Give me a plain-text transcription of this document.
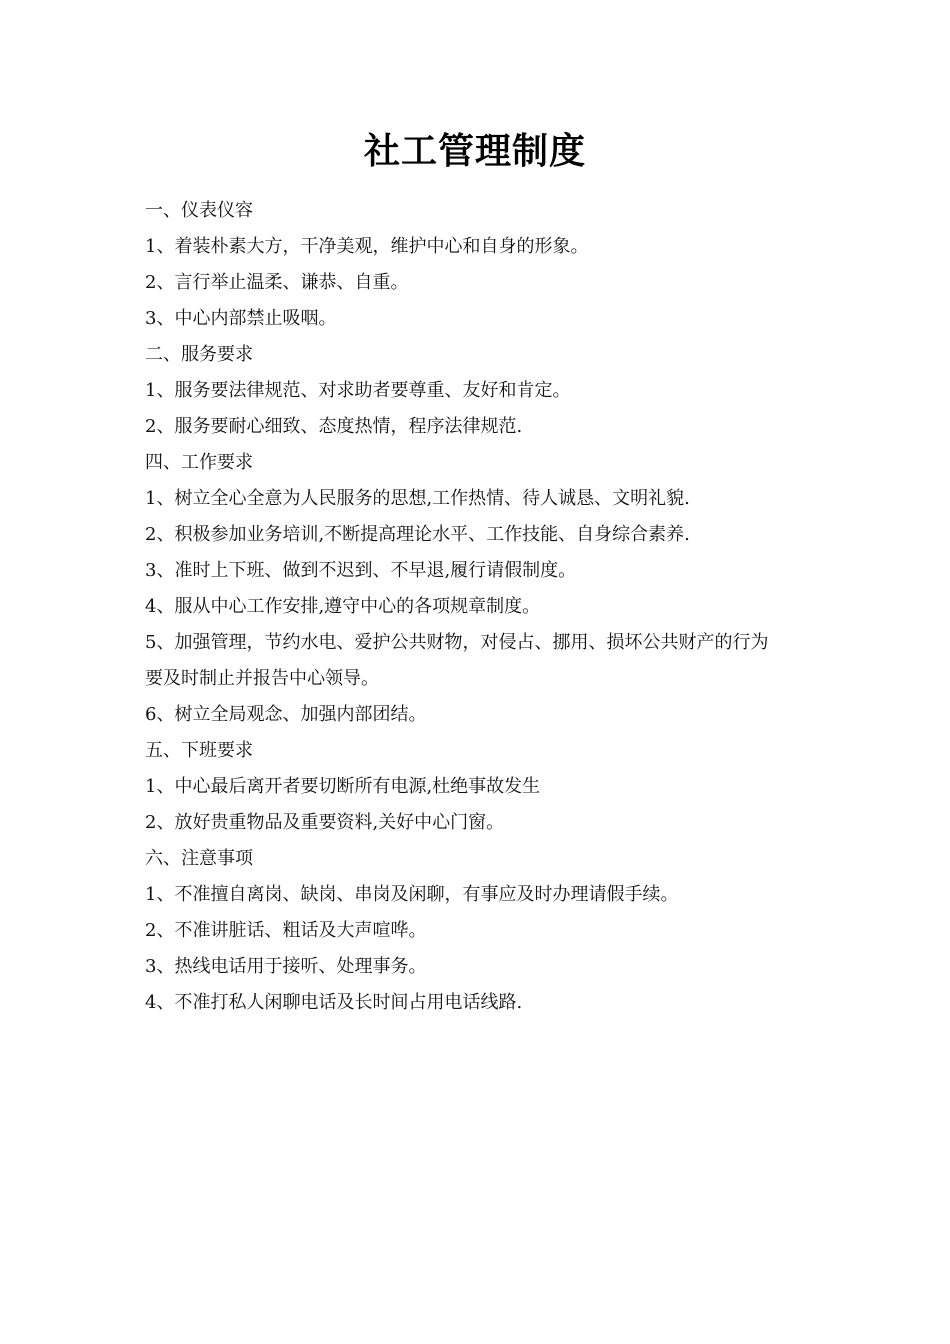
社工管理制度
一、仪表仪容
1、着装朴素大方，干净美观，维护中心和自身的形象。
2、言行举止温柔、谦恭、自重。
3、中心内部禁止吸咽。
二、服务要求
1、服务要法律规范、对求助者要尊重、友好和肯定。
2、服务要耐心细致、态度热情，程序法律规范.
四、工作要求
1、树立全心全意为人民服务的思想,工作热情、待人诚恳、文明礼貌.
2、积极参加业务培训,不断提高理论水平、工作技能、自身综合素养.
3、准时上下班、做到不迟到、不早退,履行请假制度。
4、服从中心工作安排,遵守中心的各项规章制度。
5、加强管理，节约水电、爱护公共财物，对侵占、挪用、损坏公共财产的行为
要及时制止并报告中心领导。
6、树立全局观念、加强内部团结。
五、下班要求
1、中心最后离开者要切断所有电源,杜绝事故发生
2、放好贵重物品及重要资料,关好中心门窗。
六、注意事项
1、不准擅自离岗、缺岗、串岗及闲聊，有事应及时办理请假手续。
2、不准讲脏话、粗话及大声喧哗。
3、热线电话用于接听、处理事务。
4、不准打私人闲聊电话及长时间占用电话线路.
